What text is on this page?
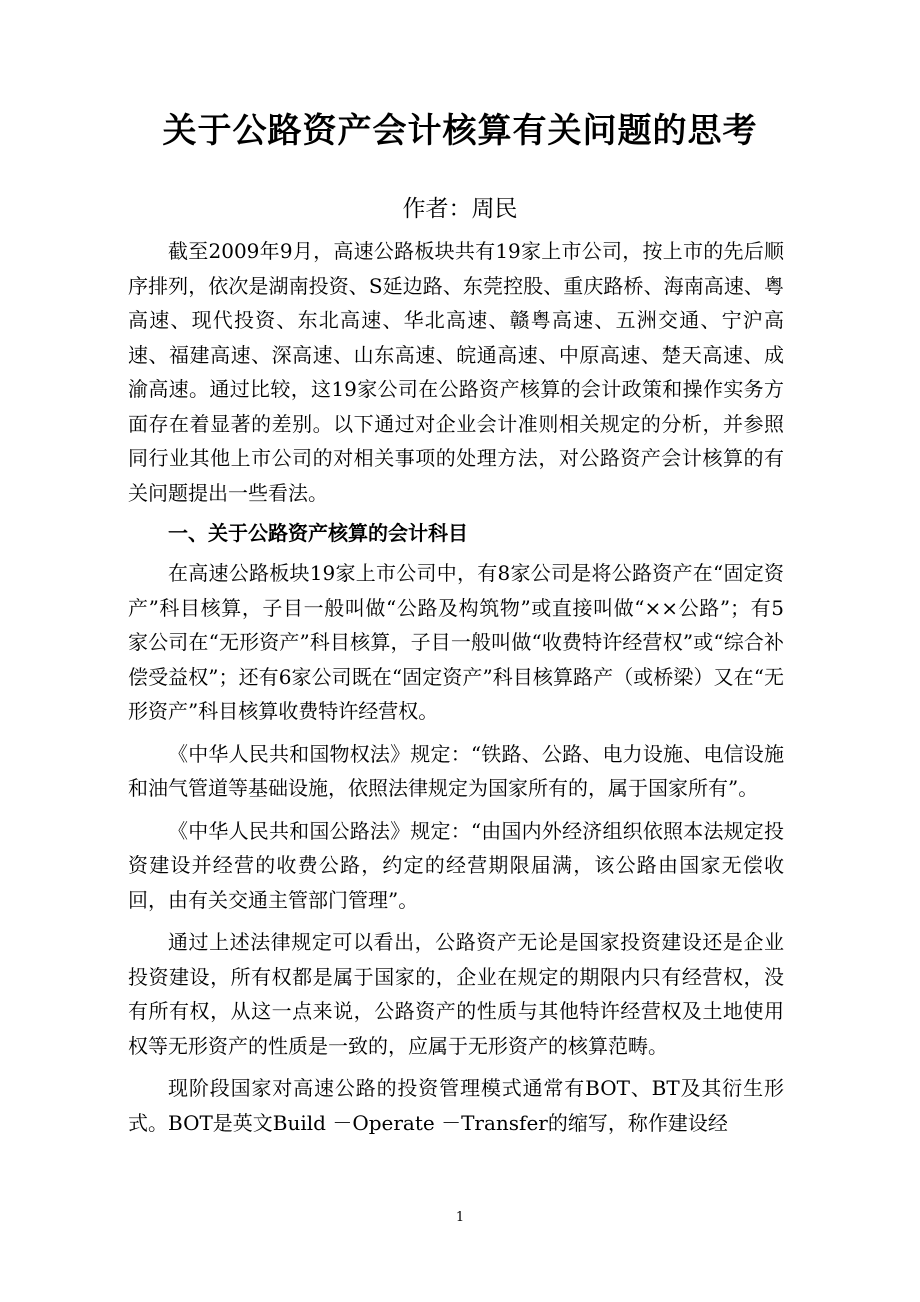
关于公路资产会计核算有关问题的思考
作者：周民

截至2009年9月，高速公路板块共有19家上市公司，按上市的先后顺序排列，依次是湖南投资、S延边路、东莞控股、重庆路桥、海南高速、粤高速、现代投资、东北高速、华北高速、赣粤高速、五洲交通、宁沪高速、福建高速、深高速、山东高速、皖通高速、中原高速、楚天高速、成渝高速。通过比较，这19家公司在公路资产核算的会计政策和操作实务方面存在着显著的差别。以下通过对企业会计准则相关规定的分析，并参照同行业其他上市公司的对相关事项的处理方法，对公路资产会计核算的有关问题提出一些看法。

一、关于公路资产核算的会计科目

在高速公路板块19家上市公司中，有8家公司是将公路资产在“固定资产”科目核算，子目一般叫做“公路及构筑物”或直接叫做“××公路”；有5家公司在“无形资产”科目核算，子目一般叫做“收费特许经营权”或“综合补偿受益权”；还有6家公司既在“固定资产”科目核算路产（或桥梁）又在“无形资产”科目核算收费特许经营权。

《中华人民共和国物权法》规定：“铁路、公路、电力设施、电信设施和油气管道等基础设施，依照法律规定为国家所有的，属于国家所有”。

《中华人民共和国公路法》规定：“由国内外经济组织依照本法规定投资建设并经营的收费公路，约定的经营期限届满，该公路由国家无偿收回，由有关交通主管部门管理”。

通过上述法律规定可以看出，公路资产无论是国家投资建设还是企业投资建设，所有权都是属于国家的，企业在规定的期限内只有经营权，没有所有权，从这一点来说，公路资产的性质与其他特许经营权及土地使用权等无形资产的性质是一致的，应属于无形资产的核算范畴。

现阶段国家对高速公路的投资管理模式通常有BOT、BT及其衍生形式。BOT是英文Build －Operate －Transfer的缩写，称作建设经

1
